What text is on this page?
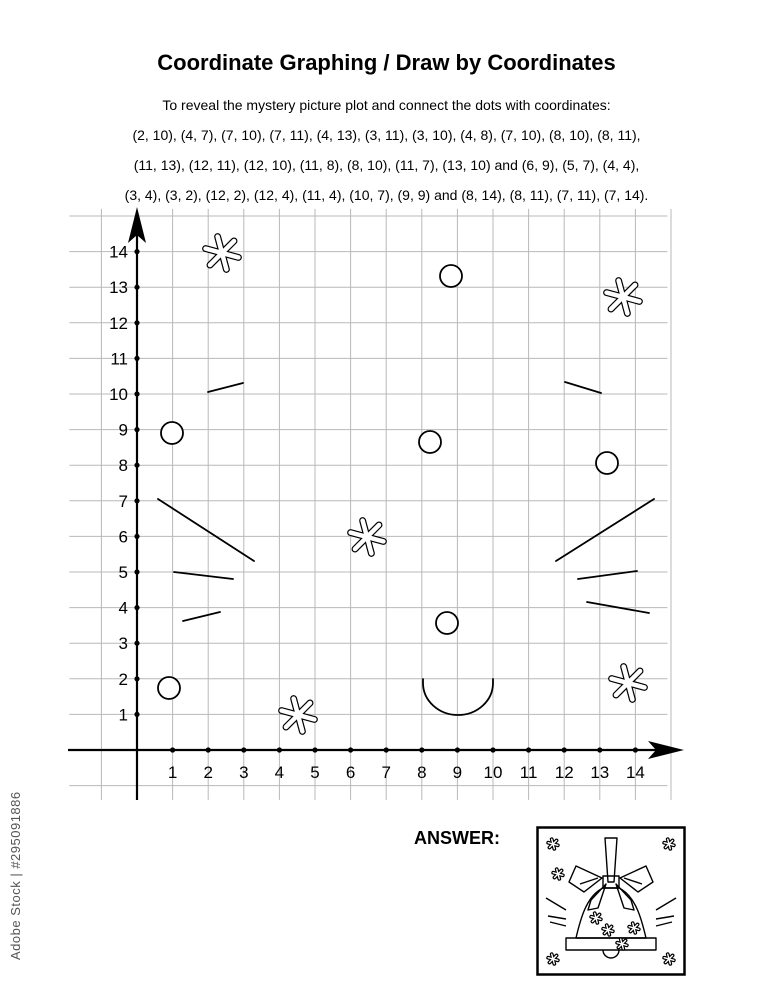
Coordinate Graphing / Draw by Coordinates
To reveal the mystery picture plot and connect the dots with coordinates:
(2, 10), (4, 7), (7, 10), (7, 11), (4, 13), (3, 11), (3, 10), (4, 8), (7, 10), (8, 10), (8, 11),
(11, 13), (12, 11), (12, 10), (11, 8), (8, 10), (11, 7), (13, 10) and (6, 9), (5, 7), (4, 4),
(3, 4), (3, 2), (12, 2), (12, 4), (11, 4), (10, 7), (9, 9) and (8, 14), (8, 11), (7, 11), (7, 14).
1 2 3 4 5 6 7 8 9 10 11 12 13 14
1
2
3
4
5
6
7
8
9
10
11
12
13
14
ANSWER:
Adobe Stock | #295091886
